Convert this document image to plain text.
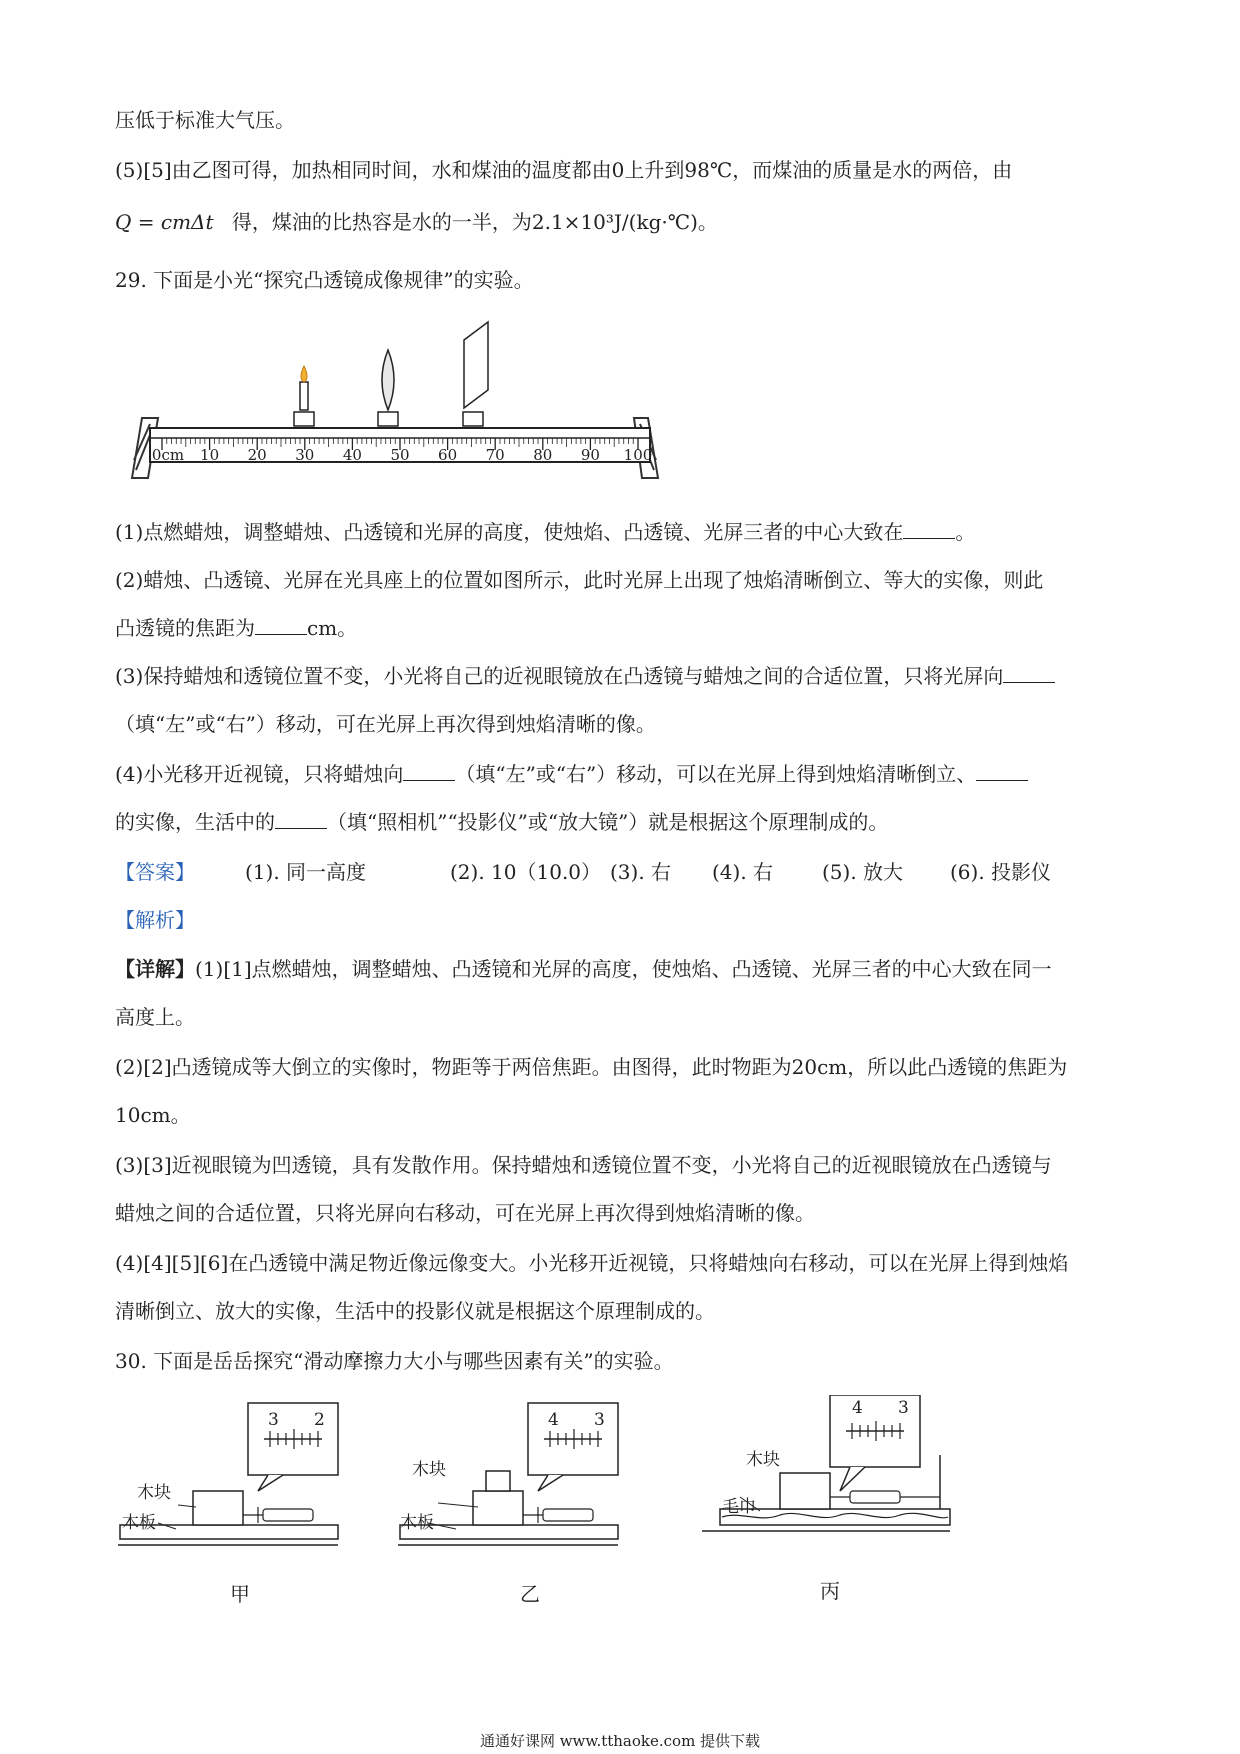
压低于标准大气压。
(5)[5]由乙图可得，加热相同时间，水和煤油的温度都由0上升到98℃，而煤油的质量是水的两倍，由
Q = cmΔt 得，煤油的比热容是水的一半，为2.1×10³J/(kg·℃)。
29. 下面是小光“探究凸透镜成像规律”的实验。
0cm 10 20 30 40 50 60 70 80 90 100
(1)点燃蜡烛，调整蜡烛、凸透镜和光屏的高度，使烛焰、凸透镜、光屏三者的中心大致在	。
(2)蜡烛、凸透镜、光屏在光具座上的位置如图所示，此时光屏上出现了烛焰清晰倒立、等大的实像，则此
凸透镜的焦距为	cm。
(3)保持蜡烛和透镜位置不变，小光将自己的近视眼镜放在凸透镜与蜡烛之间的合适位置，只将光屏向
（填“左”或“右”）移动，可在光屏上再次得到烛焰清晰的像。
(4)小光移开近视镜，只将蜡烛向	（填“左”或“右”）移动，可以在光屏上得到烛焰清晰倒立、
的实像，生活中的	（填“照相机”“投影仪”或“放大镜”）就是根据这个原理制成的。
【答案】	(1). 同一高度	(2). 10（10.0） (3). 右 (4). 右 (5). 放大 (6). 投影仪
【解析】
【详解】(1)[1]点燃蜡烛，调整蜡烛、凸透镜和光屏的高度，使烛焰、凸透镜、光屏三者的中心大致在同一
高度上。
(2)[2]凸透镜成等大倒立的实像时，物距等于两倍焦距。由图得，此时物距为20cm，所以此凸透镜的焦距为
10cm。
(3)[3]近视眼镜为凹透镜，具有发散作用。保持蜡烛和透镜位置不变，小光将自己的近视眼镜放在凸透镜与
蜡烛之间的合适位置，只将光屏向右移动，可在光屏上再次得到烛焰清晰的像。
(4)[4][5][6]在凸透镜中满足物近像远像变大。小光移开近视镜，只将蜡烛向右移动，可以在光屏上得到烛焰
清晰倒立、放大的实像，生活中的投影仪就是根据这个原理制成的。
30. 下面是岳岳探究“滑动摩擦力大小与哪些因素有关”的实验。
3 2
木块
木板
甲
4 3
木块
木板
乙
4 3
木块
毛巾
丙
通通好课网 www.tthaoke.com 提供下载
